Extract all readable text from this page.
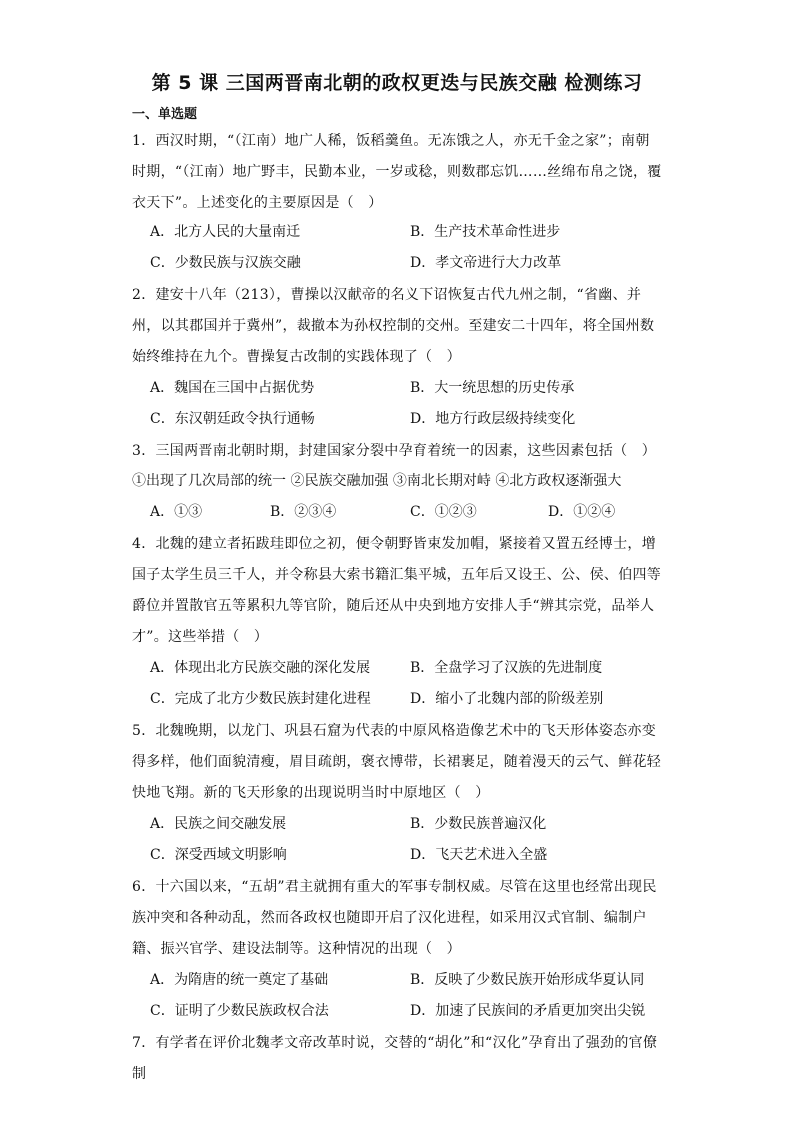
第 5 课 三国两晋南北朝的政权更迭与民族交融 检测练习
一、单选题
1．西汉时期，“（江南）地广人稀，饭稻羹鱼。无冻饿之人，亦无千金之家”；南朝时期，“（江南）地广野丰，民勤本业，一岁或稔，则数郡忘饥……丝绵布帛之饶，覆衣天下”。上述变化的主要原因是（　）
A．北方人民的大量南迁	B．生产技术革命性进步
C．少数民族与汉族交融	D．孝文帝进行大力改革
2．建安十八年（213），曹操以汉献帝的名义下诏恢复古代九州之制，“省幽、并州，以其郡国并于冀州”，裁撤本为孙权控制的交州。至建安二十四年，将全国州数始终维持在九个。曹操复古改制的实践体现了（　）
A．魏国在三国中占据优势	B．大一统思想的历史传承
C．东汉朝廷政令执行通畅	D．地方行政层级持续变化
3．三国两晋南北朝时期，封建国家分裂中孕育着统一的因素，这些因素包括（　）
①出现了几次局部的统一 ②民族交融加强 ③南北长期对峙 ④北方政权逐渐强大
A．①③	B．②③④	C．①②③	D．①②④
4．北魏的建立者拓跋珪即位之初，便令朝野皆束发加帽，紧接着又置五经博士，增国子太学生员三千人，并令称县大索书籍汇集平城，五年后又设王、公、侯、伯四等爵位并置散官五等累积九等官阶，随后还从中央到地方安排人手“辨其宗党，品举人才”。这些举措（　）
A．体现出北方民族交融的深化发展	B．全盘学习了汉族的先进制度
C．完成了北方少数民族封建化进程	D．缩小了北魏内部的阶级差别
5．北魏晚期，以龙门、巩县石窟为代表的中原风格造像艺术中的飞天形体姿态亦变得多样，他们面貌清瘦，眉目疏朗，褒衣博带，长裙裹足，随着漫天的云气、鲜花轻快地飞翔。新的飞天形象的出现说明当时中原地区（　）
A．民族之间交融发展	B．少数民族普遍汉化
C．深受西域文明影响	D．飞天艺术进入全盛
6．十六国以来，“五胡”君主就拥有重大的军事专制权威。尽管在这里也经常出现民族冲突和各种动乱，然而各政权也随即开启了汉化进程，如采用汉式官制、编制户籍、振兴官学、建设法制等。这种情况的出现（　）
A．为隋唐的统一奠定了基础	B．反映了少数民族开始形成华夏认同
C．证明了少数民族政权合法	D．加速了民族间的矛盾更加突出尖锐
7．有学者在评价北魏孝文帝改革时说，交替的“胡化”和“汉化”孕育出了强劲的官僚制
